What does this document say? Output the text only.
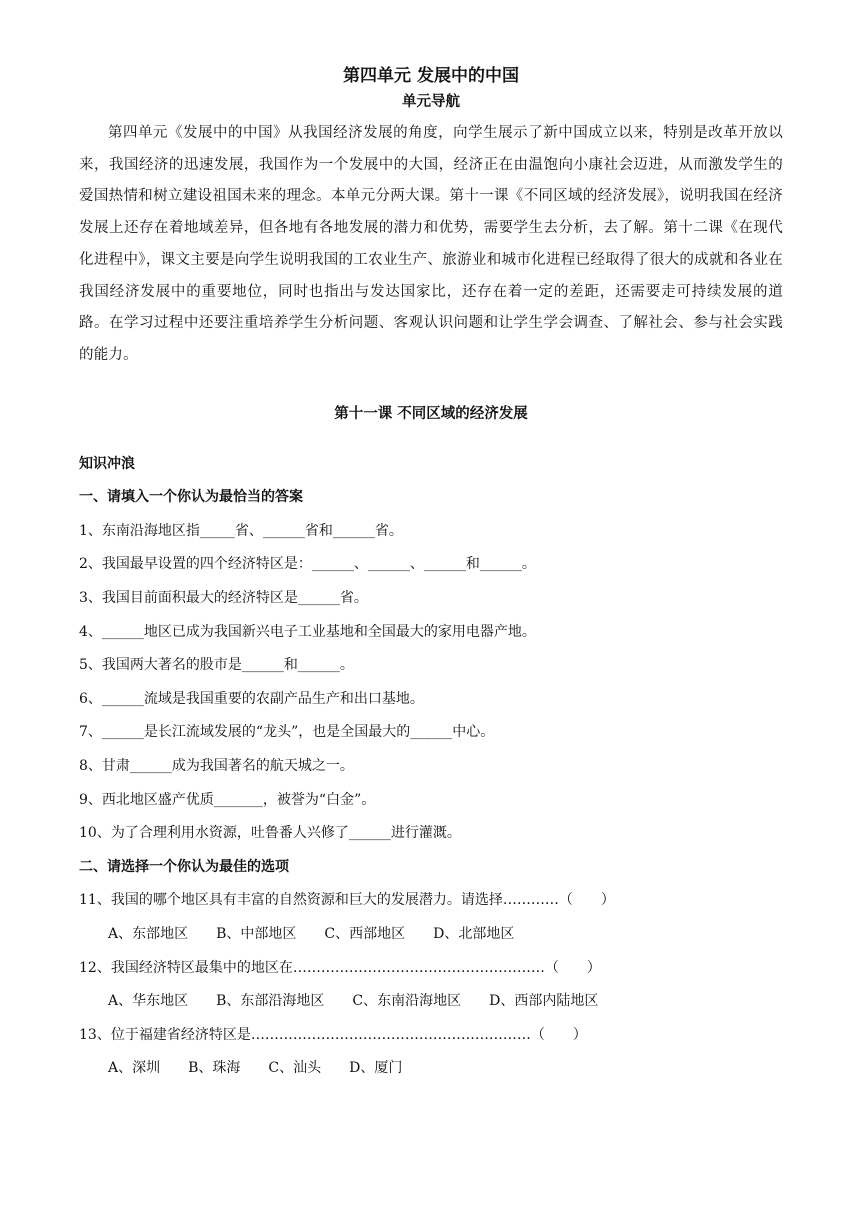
第四单元 发展中的中国
单元导航

第四单元《发展中的中国》从我国经济发展的角度，向学生展示了新中国成立以来，特别是改革开放以来，我国经济的迅速发展，我国作为一个发展中的大国，经济正在由温饱向小康社会迈进，从而激发学生的爱国热情和树立建设祖国未来的理念。本单元分两大课。第十一课《不同区域的经济发展》，说明我国在经济发展上还存在着地域差异，但各地有各地发展的潜力和优势，需要学生去分析，去了解。第十二课《在现代化进程中》，课文主要是向学生说明我国的工农业生产、旅游业和城市化进程已经取得了很大的成就和各业在我国经济发展中的重要地位，同时也指出与发达国家比，还存在着一定的差距，还需要走可持续发展的道路。在学习过程中还要注重培养学生分析问题、客观认识问题和让学生学会调查、了解社会、参与社会实践的能力。

第十一课 不同区域的经济发展
知识冲浪
一、请填入一个你认为最恰当的答案
1、东南沿海地区指_____省、______省和______省。
2、我国最早设置的四个经济特区是：______、______、______和______。
3、我国目前面积最大的经济特区是______省。
4、______地区已成为我国新兴电子工业基地和全国最大的家用电器产地。
5、我国两大著名的股市是______和______。
6、______流域是我国重要的农副产品生产和出口基地。
7、______是长江流域发展的“龙头”，也是全国最大的______中心。
8、甘肃______成为我国著名的航天城之一。
9、西北地区盛产优质_______，被誉为“白金”。
10、为了合理利用水资源，吐鲁番人兴修了______进行灌溉。
二、请选择一个你认为最佳的选项
11、我国的哪个地区具有丰富的自然资源和巨大的发展潜力。请选择…………（　　）
A、东部地区　　B、中部地区　　C、西部地区　　D、北部地区
12、我国经济特区最集中的地区在………………………………………………（　　）
A、华东地区　　B、东部沿海地区　　C、东南沿海地区　　D、西部内陆地区
13、位于福建省经济特区是……………………………………………………（　　）
A、深圳　　B、珠海　　C、汕头　　D、厦门
